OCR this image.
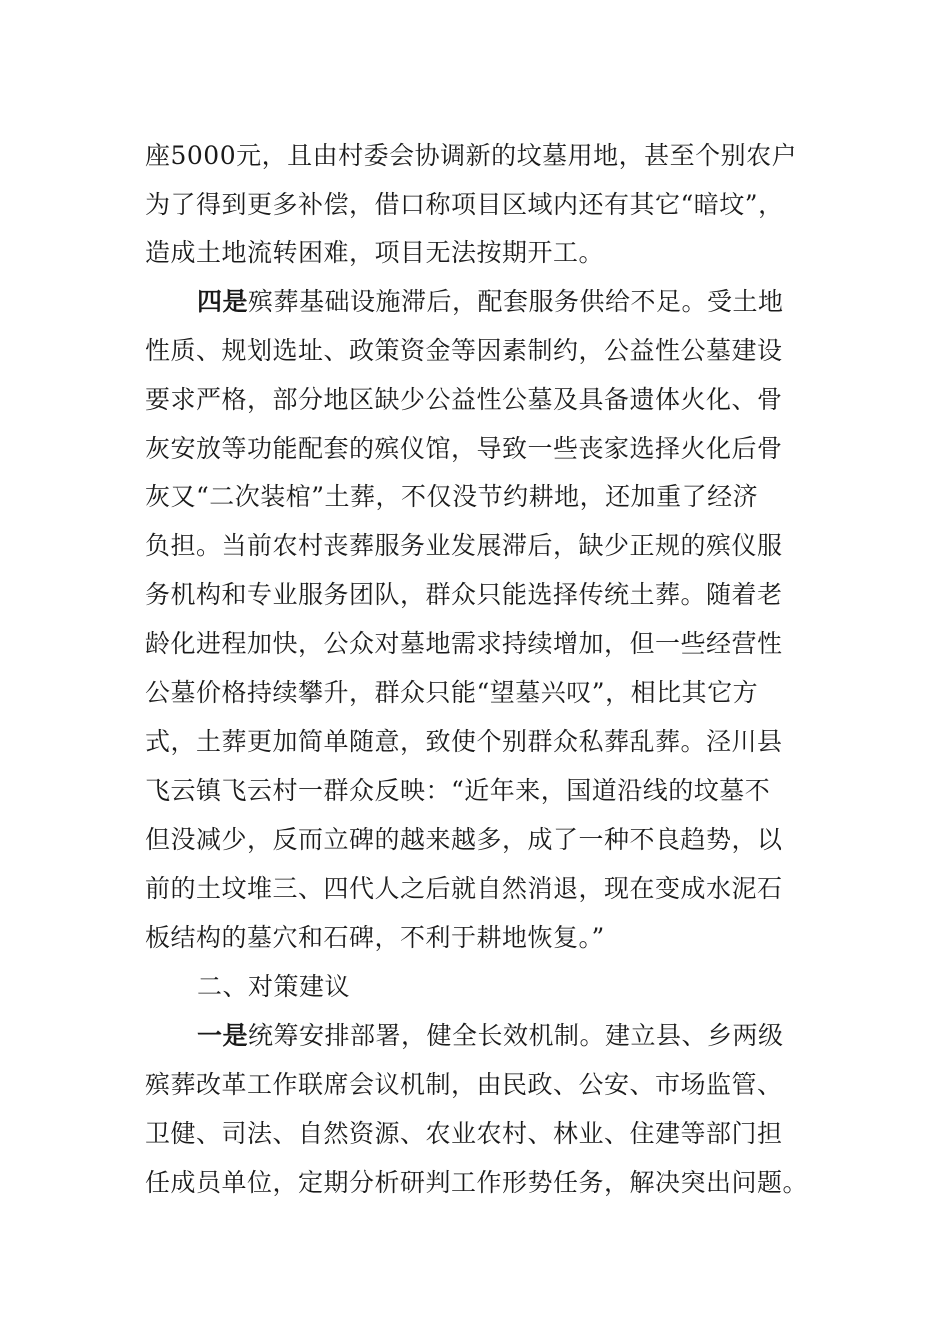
座5000元，且由村委会协调新的坟墓用地，甚至个别农户
为了得到更多补偿，借口称项目区域内还有其它“暗坟”，
造成土地流转困难，项目无法按期开工。
四是殡葬基础设施滞后，配套服务供给不足。受土地
性质、规划选址、政策资金等因素制约，公益性公墓建设
要求严格，部分地区缺少公益性公墓及具备遗体火化、骨
灰安放等功能配套的殡仪馆，导致一些丧家选择火化后骨
灰又“二次装棺”土葬，不仅没节约耕地，还加重了经济
负担。当前农村丧葬服务业发展滞后，缺少正规的殡仪服
务机构和专业服务团队，群众只能选择传统土葬。随着老
龄化进程加快，公众对墓地需求持续增加，但一些经营性
公墓价格持续攀升，群众只能“望墓兴叹”，相比其它方
式，土葬更加简单随意，致使个别群众私葬乱葬。泾川县
飞云镇飞云村一群众反映：“近年来，国道沿线的坟墓不
但没减少，反而立碑的越来越多，成了一种不良趋势，以
前的土坟堆三、四代人之后就自然消退，现在变成水泥石
板结构的墓穴和石碑，不利于耕地恢复。”
二、对策建议
一是统筹安排部署，健全长效机制。建立县、乡两级
殡葬改革工作联席会议机制，由民政、公安、市场监管、
卫健、司法、自然资源、农业农村、林业、住建等部门担
任成员单位，定期分析研判工作形势任务，解决突出问题。
